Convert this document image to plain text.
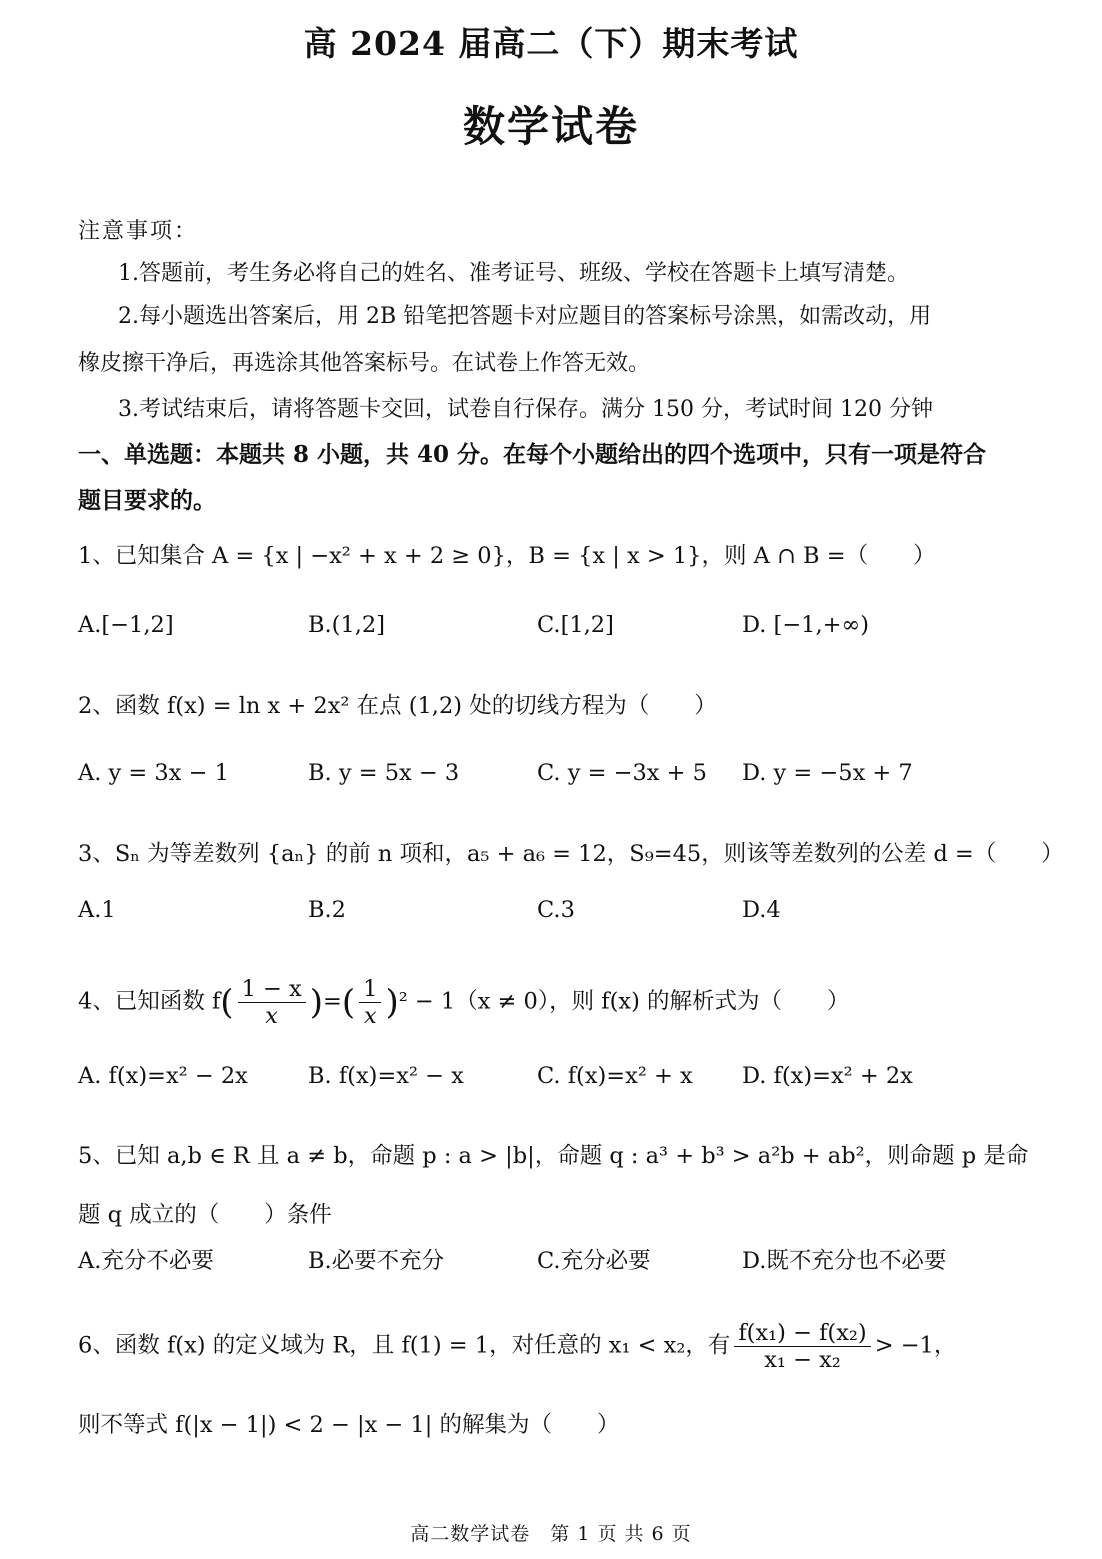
高 2024 届高二（下）期末考试
数学试卷
注意事项：
1.答题前，考生务必将自己的姓名、准考证号、班级、学校在答题卡上填写清楚。
2.每小题选出答案后，用 2B 铅笔把答题卡对应题目的答案标号涂黑，如需改动，用
橡皮擦干净后，再选涂其他答案标号。在试卷上作答无效。
3.考试结束后，请将答题卡交回，试卷自行保存。满分 150 分，考试时间 120 分钟
一、单选题：本题共 8 小题，共 40 分。在每个小题给出的四个选项中，只有一项是符合
题目要求的。
1、已知集合 A = {x | −x² + x + 2 ≥ 0}，B = {x | x > 1}，则 A ∩ B =（　　）
A.[−1,2]	B.(1,2]	C.[1,2]	D. [−1,+∞)
2、函数 f(x) = ln x + 2x² 在点 (1,2) 处的切线方程为（　　）
A. y = 3x − 1	B. y = 5x − 3	C. y = −3x + 5 D. y = −5x + 7
3、Sₙ 为等差数列 {aₙ} 的前 n 项和，a₅ + a₆ = 12，S₉=45，则该等差数列的公差 d =（　　）
A.1	B.2	C.3	D.4
4、已知函数 $f( \frac{1 - x}{x}$ )=( $\frac{1}{x} )^2 - 1(x \ne 0)$，则 f(x) 的解析式为（　　）
A. f(x)=x² − 2x	B. f(x)=x² − x	C. f(x)=x² + x D. f(x)=x² + 2x
5、已知 a,b ∈ R 且 a ≠ b，命题 p : a > |b|，命题 q : a³ + b³ > a²b + ab²，则命题 p 是命
题 q 成立的（　　）条件
A.充分不必要	B.必要不充分	C.充分必要	D.既不充分也不必要
6、函数 f(x) 的定义域为 R，且 f(1) = 1，对任意的 x₁ < x₂，有 $\frac{\text{f(x₁) − f(x₂)}}{\text{x₁ − x₂}} > -1$，
则不等式 f(|x − 1|) < 2 − |x − 1| 的解集为（　　）
高二数学试卷　第 1 页 共 6 页
